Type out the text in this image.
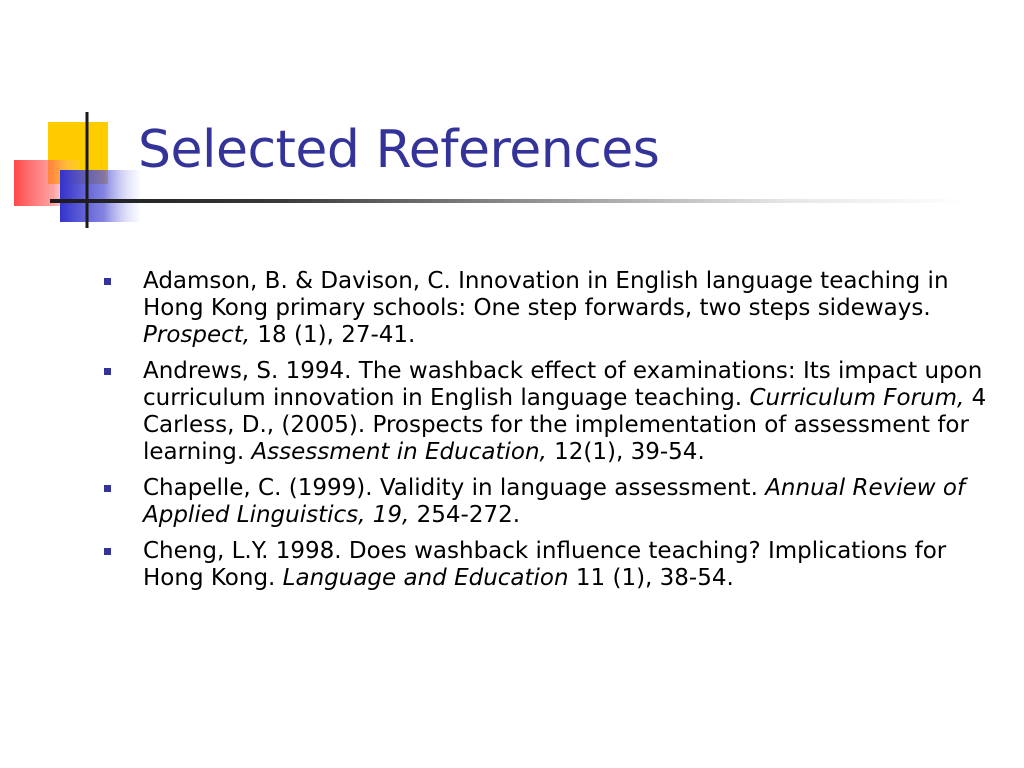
Selected References
Adamson, B. & Davison, C. Innovation in English language teaching in Hong Kong primary schools: One step forwards, two steps sideways. Prospect, 18 (1), 27-41.
Andrews, S. 1994. The washback effect of examinations: Its impact upon curriculum innovation in English language teaching. Curriculum Forum, 4 Carless, D., (2005). Prospects for the implementation of assessment for learning. Assessment in Education, 12(1), 39-54.
Chapelle, C. (1999). Validity in language assessment. Annual Review of Applied Linguistics, 19, 254-272.
Cheng, L.Y. 1998. Does washback influence teaching? Implications for Hong Kong. Language and Education 11 (1), 38-54.
